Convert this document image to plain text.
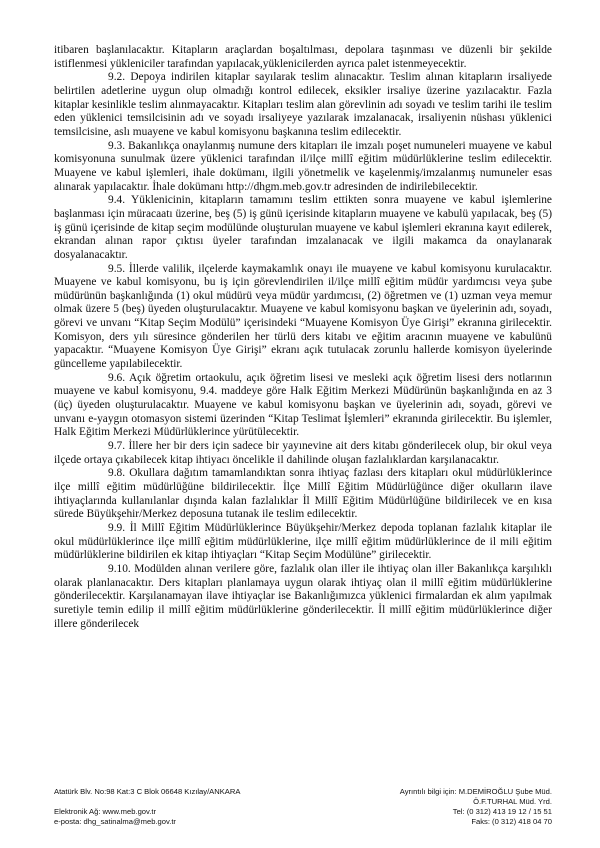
itibaren başlanılacaktır. Kitapların araçlardan boşaltılması, depolara taşınması ve düzenli bir şekilde istiflenmesi yükleniciler tarafından yapılacak,yüklenicilerden ayrıca palet istenmeyecektir.

9.2. Depoya indirilen kitaplar sayılarak teslim alınacaktır. Teslim alınan kitapların irsaliyede belirtilen adetlerine uygun olup olmadığı kontrol edilecek, eksikler irsaliye üzerine yazılacaktır. Fazla kitaplar kesinlikle teslim alınmayacaktır. Kitapları teslim alan görevlinin adı soyadı ve teslim tarihi ile teslim eden yüklenici temsilcisinin adı ve soyadı irsaliyeye yazılarak imzalanacak, irsaliyenin nüshası yüklenici temsilcisine, aslı muayene ve kabul komisyonu başkanına teslim edilecektir.

9.3. Bakanlıkça onaylanmış numune ders kitapları ile imzalı poşet numuneleri muayene ve kabul komisyonuna sunulmak üzere yüklenici tarafından il/ilçe millî eğitim müdürlüklerine teslim edilecektir. Muayene ve kabul işlemleri, ihale dokümanı, ilgili yönetmelik ve kaşelenmiş/imzalanmış numuneler esas alınarak yapılacaktır. İhale dokümanı http://dhgm.meb.gov.tr adresinden de indirilebilecektir.

9.4. Yüklenicinin, kitapların tamamını teslim ettikten sonra muayene ve kabul işlemlerine başlanması için müracaatı üzerine, beş (5) iş günü içerisinde kitapların muayene ve kabulü yapılacak, beş (5) iş günü içerisinde de kitap seçim modülünde oluşturulan muayene ve kabul işlemleri ekranına kayıt edilerek, ekrandan alınan rapor çıktısı üyeler tarafından imzalanacak ve ilgili makamca da onaylanarak dosyalanacaktır.

9.5. İllerde valilik, ilçelerde kaymakamlık onayı ile muayene ve kabul komisyonu kurulacaktır. Muayene ve kabul komisyonu, bu iş için görevlendirilen il/ilçe millî eğitim müdür yardımcısı veya şube müdürünün başkanlığında (1) okul müdürü veya müdür yardımcısı, (2) öğretmen ve (1) uzman veya memur olmak üzere 5 (beş) üyeden oluşturulacaktır. Muayene ve kabul komisyonu başkan ve üyelerinin adı, soyadı, görevi ve unvanı “Kitap Seçim Modülü” içerisindeki “Muayene Komisyon Üye Girişi” ekranına girilecektir. Komisyon, ders yılı süresince gönderilen her türlü ders kitabı ve eğitim aracının muayene ve kabulünü yapacaktır. “Muayene Komisyon Üye Girişi” ekranı açık tutulacak zorunlu hallerde komisyon üyelerinde güncelleme yapılabilecektir.

9.6. Açık öğretim ortaokulu, açık öğretim lisesi ve mesleki açık öğretim lisesi ders notlarının muayene ve kabul komisyonu, 9.4. maddeye göre Halk Eğitim Merkezi Müdürünün başkanlığında en az 3 (üç) üyeden oluşturulacaktır. Muayene ve kabul komisyonu başkan ve üyelerinin adı, soyadı, görevi ve unvanı e-yaygın otomasyon sistemi üzerinden “Kitap Teslimat İşlemleri” ekranında girilecektir. Bu işlemler, Halk Eğitim Merkezi Müdürlüklerince yürütülecektir.

9.7. İllere her bir ders için sadece bir yayınevine ait ders kitabı gönderilecek olup, bir okul veya ilçede ortaya çıkabilecek kitap ihtiyacı öncelikle il dahilinde oluşan fazlalıklardan karşılanacaktır.

9.8. Okullara dağıtım tamamlandıktan sonra ihtiyaç fazlası ders kitapları okul müdürlüklerince ilçe millî eğitim müdürlüğüne bildirilecektir. İlçe Millî Eğitim Müdürlüğünce diğer okulların ilave ihtiyaçlarında kullanılanlar dışında kalan fazlalıklar İl Millî Eğitim Müdürlüğüne bildirilecek ve en kısa sürede Büyükşehir/Merkez deposuna tutanak ile teslim edilecektir.

9.9. İl Millî Eğitim Müdürlüklerince Büyükşehir/Merkez depoda toplanan fazlalık kitaplar ile okul müdürlüklerince ilçe millî eğitim müdürlüklerine, ilçe millî eğitim müdürlüklerince de il mili eğitim müdürlüklerine bildirilen ek kitap ihtiyaçları “Kitap Seçim Modülüne” girilecektir.

9.10. Modülden alınan verilere göre, fazlalık olan iller ile ihtiyaç olan iller Bakanlıkça karşılıklı olarak planlanacaktır. Ders kitapları planlamaya uygun olarak ihtiyaç olan il millî eğitim müdürlüklerine gönderilecektir. Karşılanamayan ilave ihtiyaçlar ise Bakanlığımızca yüklenici firmalardan ek alım yapılmak suretiyle temin edilip il millî eğitim müdürlüklerine gönderilecektir. İl millî eğitim müdürlüklerince diğer illere gönderilecek

Atatürk Blv. No:98 Kat:3 C Blok 06648 Kızılay/ANKARA	Ayrıntılı bilgi için: M.DEMİROĞLU Şube Müd.
Ö.F.TURHAL Müd. Yrd.
Elektronik Ağ: www.meb.gov.tr	Tel: (0 312) 413 19 12 / 15 51
e-posta: dhg_satinalma@meb.gov.tr	Faks: (0 312) 418 04 70
